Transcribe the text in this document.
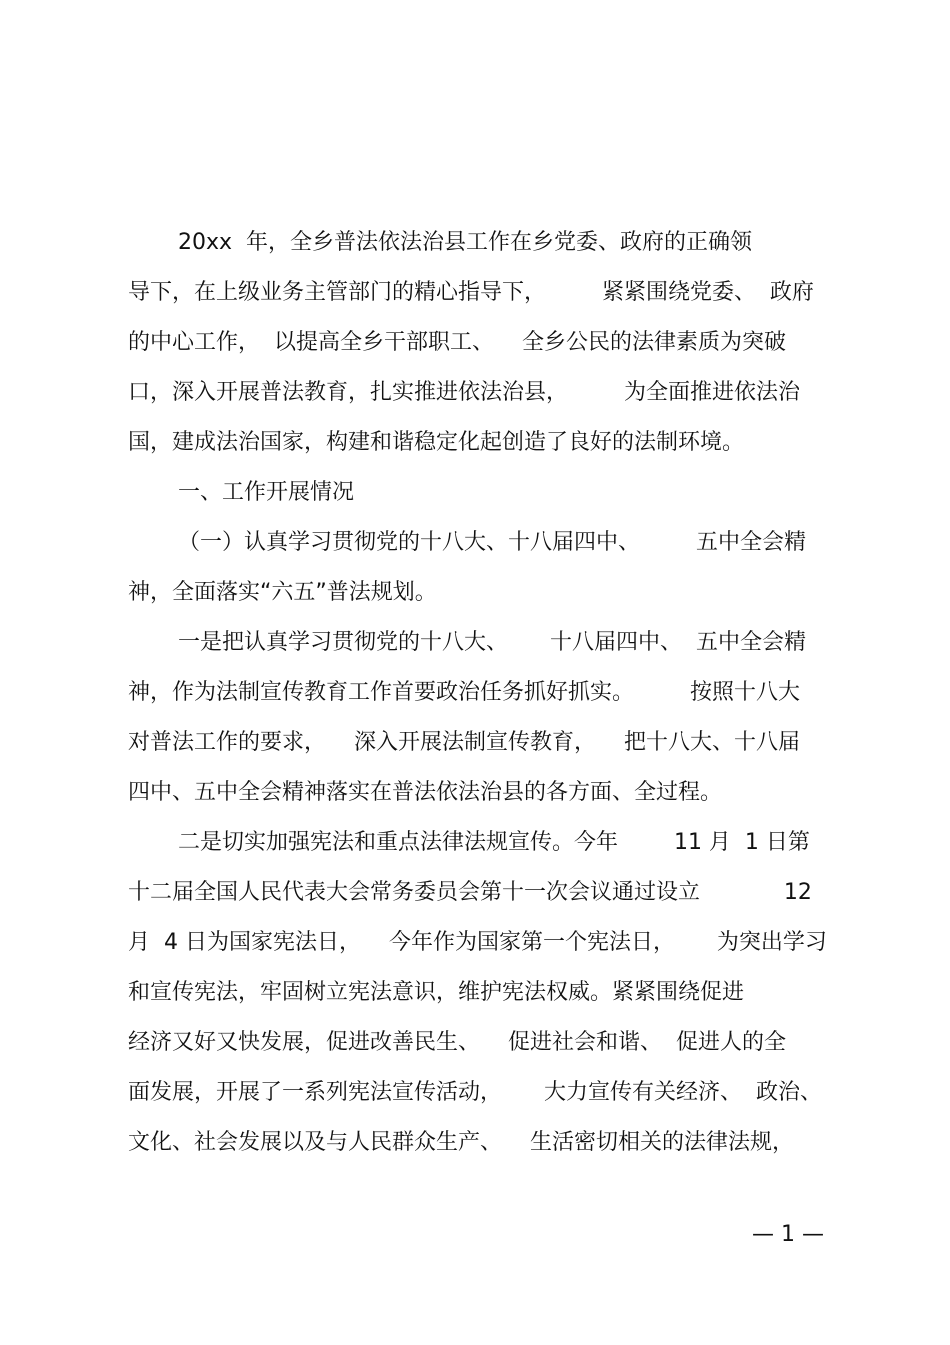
20xx  年，全乡普法依法治县工作在乡党委、政府的正确领
导下，在上级业务主管部门的精心指导下，        紧紧围绕党委、  政府
的中心工作，  以提高全乡干部职工、    全乡公民的法律素质为突破
口，深入开展普法教育，扎实推进依法治县，        为全面推进依法治
国，建成法治国家，构建和谐稳定化起创造了良好的法制环境。
一、工作开展情况
（一）认真学习贯彻党的十八大、十八届四中、        五中全会精
神，全面落实“六五”普法规划。
一是把认真学习贯彻党的十八大、      十八届四中、  五中全会精
神，作为法制宣传教育工作首要政治任务抓好抓实。        按照十八大
对普法工作的要求，    深入开展法制宣传教育，    把十八大、十八届
四中、五中全会精神落实在普法依法治县的各方面、全过程。
二是切实加强宪法和重点法律法规宣传。今年        11 月  1 日第
十二届全国人民代表大会常务委员会第十一次会议通过设立            12
月  4 日为国家宪法日，    今年作为国家第一个宪法日，      为突出学习
和宣传宪法，牢固树立宪法意识，维护宪法权威。紧紧围绕促进
经济又好又快发展，促进改善民生、    促进社会和谐、  促进人的全
面发展，开展了一系列宪法宣传活动，      大力宣传有关经济、  政治、
文化、社会发展以及与人民群众生产、    生活密切相关的法律法规，
— 1 —
